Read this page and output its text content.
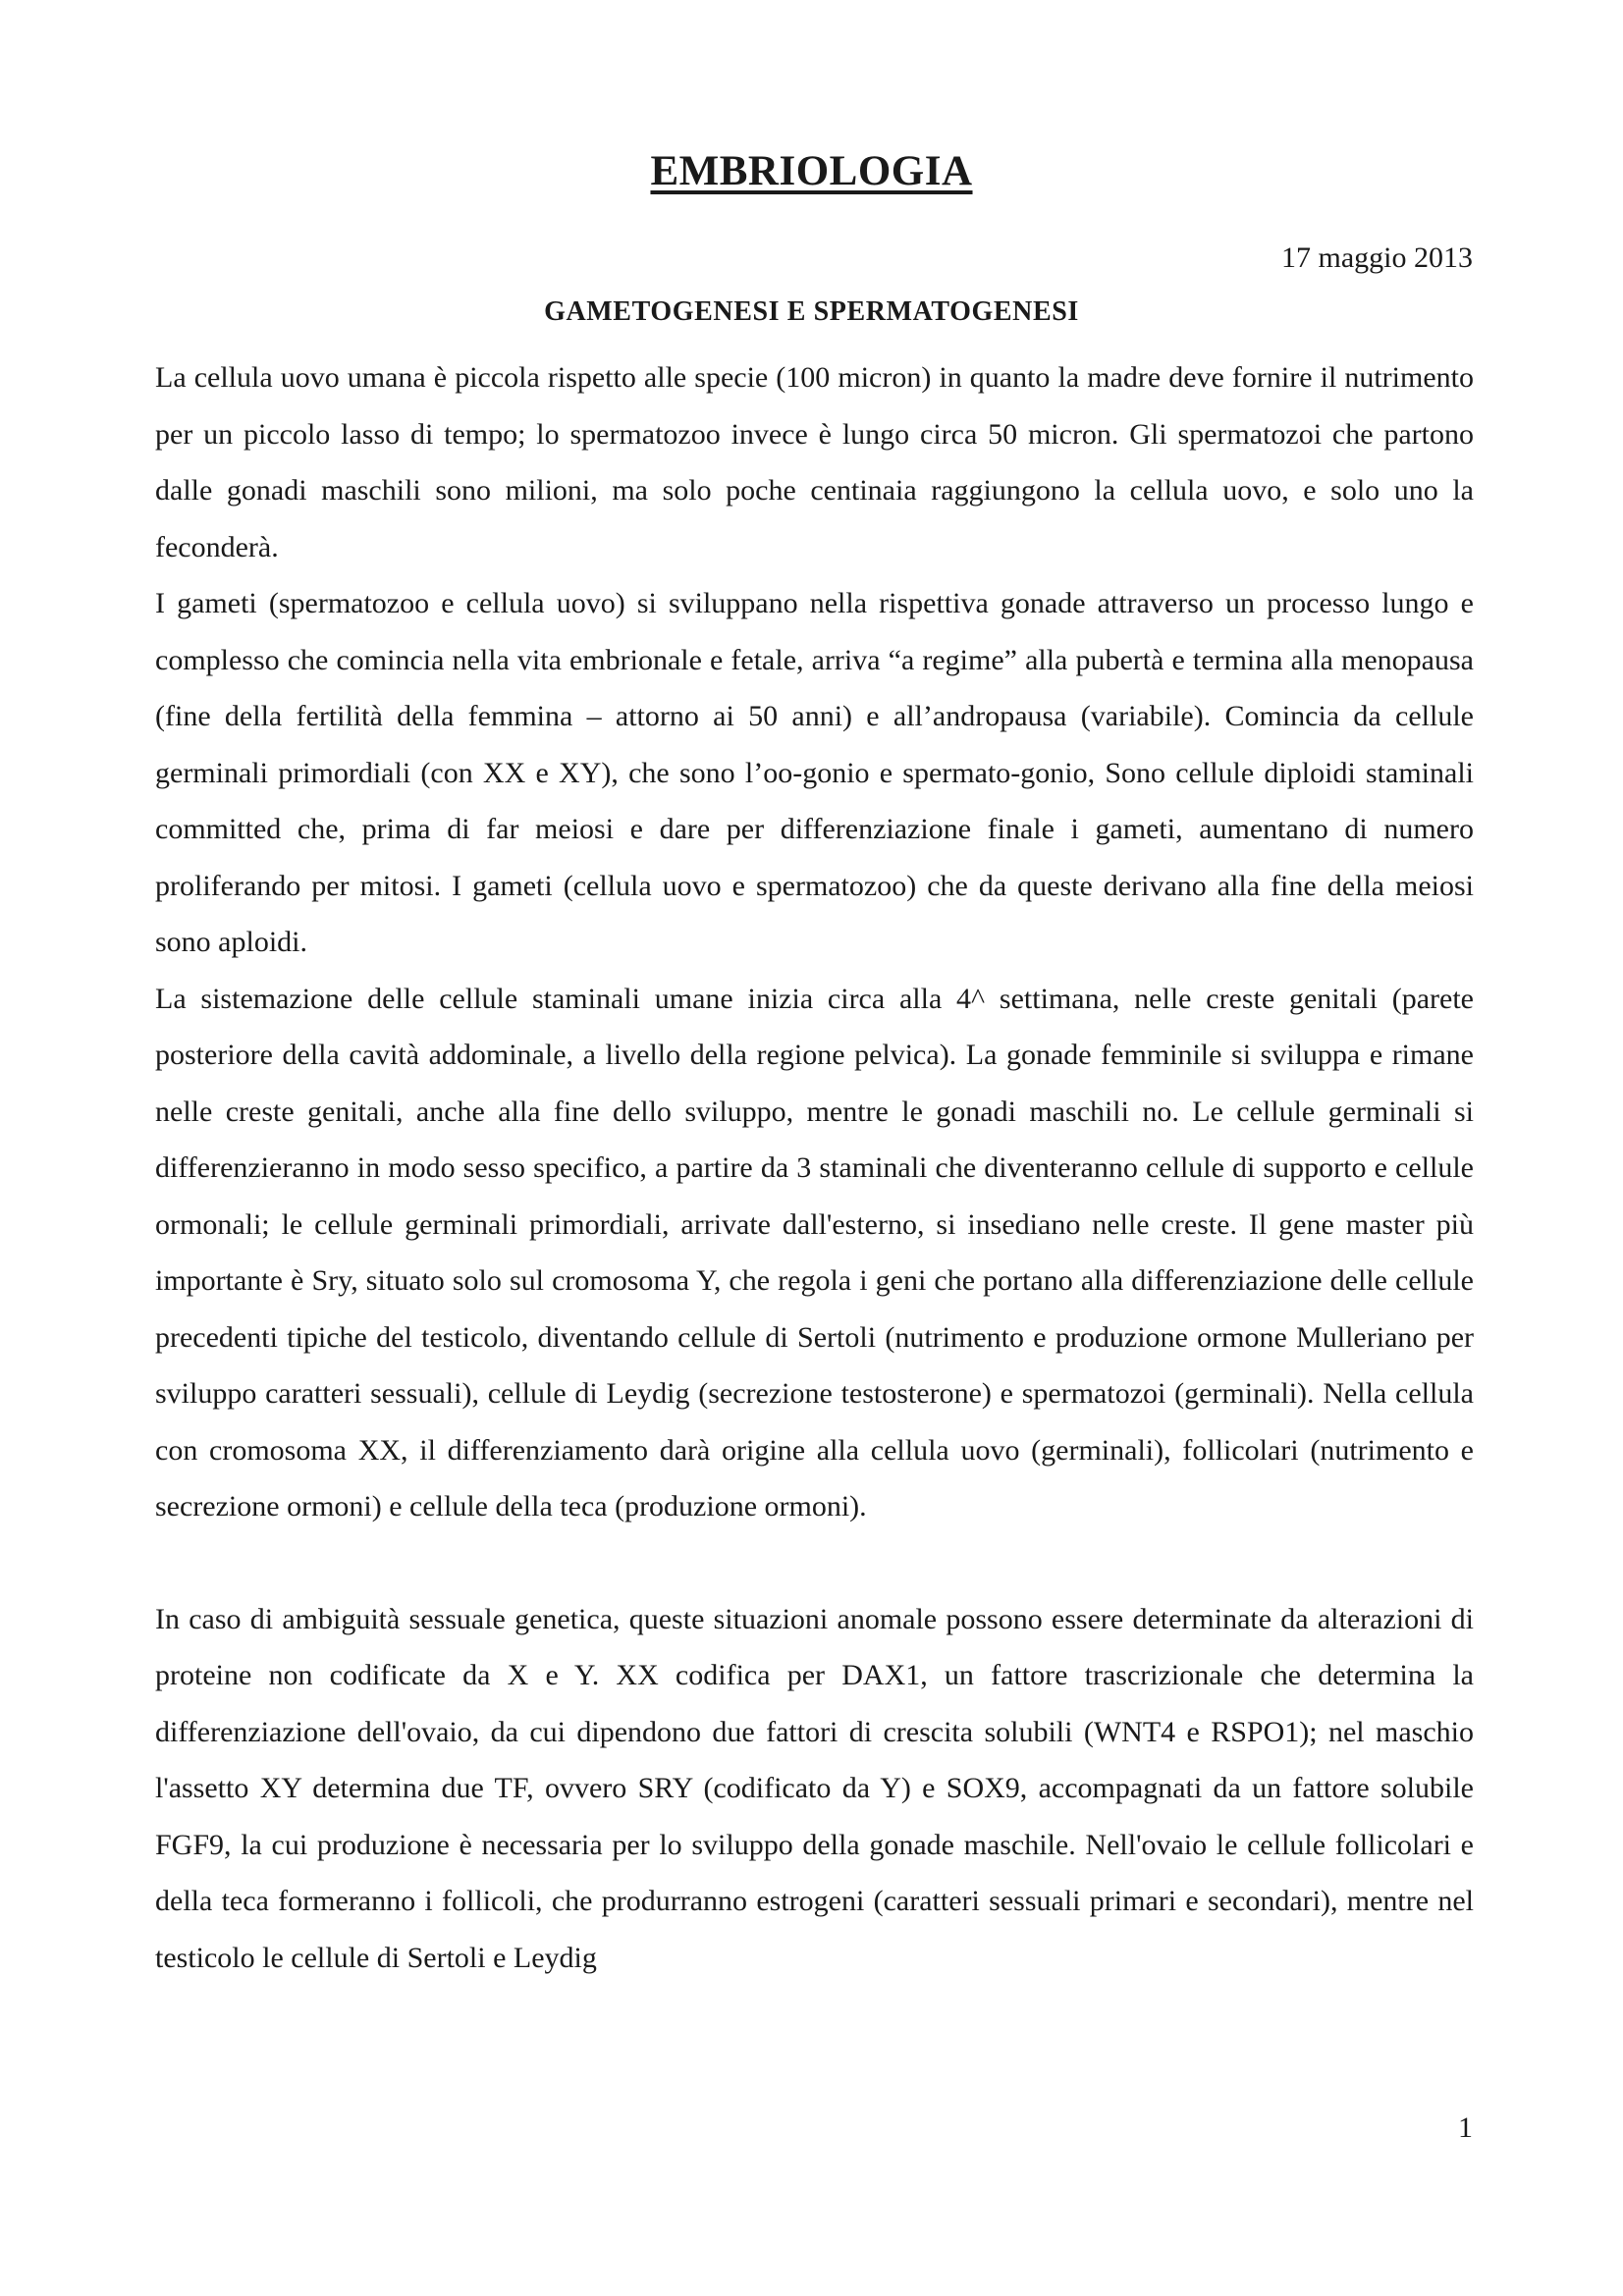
EMBRIOLOGIA

17 maggio 2013

GAMETOGENESI E SPERMATOGENESI

La cellula uovo umana è piccola rispetto alle specie (100 micron) in quanto la madre deve fornire il nutrimento per un piccolo lasso di tempo; lo spermatozoo invece è lungo circa 50 micron. Gli spermatozoi che partono dalle gonadi maschili sono milioni, ma solo poche centinaia raggiungono la cellula uovo, e solo uno la feconderà.

I gameti (spermatozoo e cellula uovo) si sviluppano nella rispettiva gonade attraverso un processo lungo e complesso che comincia nella vita embrionale e fetale, arriva “a regime” alla pubertà e termina alla menopausa (fine della fertilità della femmina – attorno ai 50 anni) e all’andropausa (variabile). Comincia da cellule germinali primordiali (con XX e XY), che sono l’oo-gonio e spermato-gonio, Sono cellule diploidi staminali committed che, prima di far meiosi e dare per differenziazione finale i gameti, aumentano di numero proliferando per mitosi. I gameti (cellula uovo e spermatozoo) che da queste derivano alla fine della meiosi sono aploidi.

La sistemazione delle cellule staminali umane inizia circa alla 4^ settimana, nelle creste genitali (parete posteriore della cavità addominale, a livello della regione pelvica). La gonade femminile si sviluppa e rimane nelle creste genitali, anche alla fine dello sviluppo, mentre le gonadi maschili no. Le cellule germinali si differenzieranno in modo sesso specifico, a partire da 3 staminali che diventeranno cellule di supporto e cellule ormonali; le cellule germinali primordiali, arrivate dall'esterno, si insediano nelle creste. Il gene master più importante è Sry, situato solo sul cromosoma Y, che regola i geni che portano alla differenziazione delle cellule precedenti tipiche del testicolo, diventando cellule di Sertoli (nutrimento e produzione ormone Mulleriano per sviluppo caratteri sessuali), cellule di Leydig (secrezione testosterone) e spermatozoi (germinali). Nella cellula con cromosoma XX, il differenziamento darà origine alla cellula uovo (germinali), follicolari (nutrimento e secrezione ormoni) e cellule della teca (produzione ormoni).

In caso di ambiguità sessuale genetica, queste situazioni anomale possono essere determinate da alterazioni di proteine non codificate da X e Y. XX codifica per DAX1, un fattore trascrizionale che determina la differenziazione dell'ovaio, da cui dipendono due fattori di crescita solubili (WNT4 e RSPO1); nel maschio l'assetto XY determina due TF, ovvero SRY (codificato da Y) e SOX9, accompagnati da un fattore solubile FGF9, la cui produzione è necessaria per lo sviluppo della gonade maschile. Nell'ovaio le cellule follicolari e della teca formeranno i follicoli, che produrranno estrogeni (caratteri sessuali primari e secondari), mentre nel testicolo le cellule di Sertoli e Leydig

1
